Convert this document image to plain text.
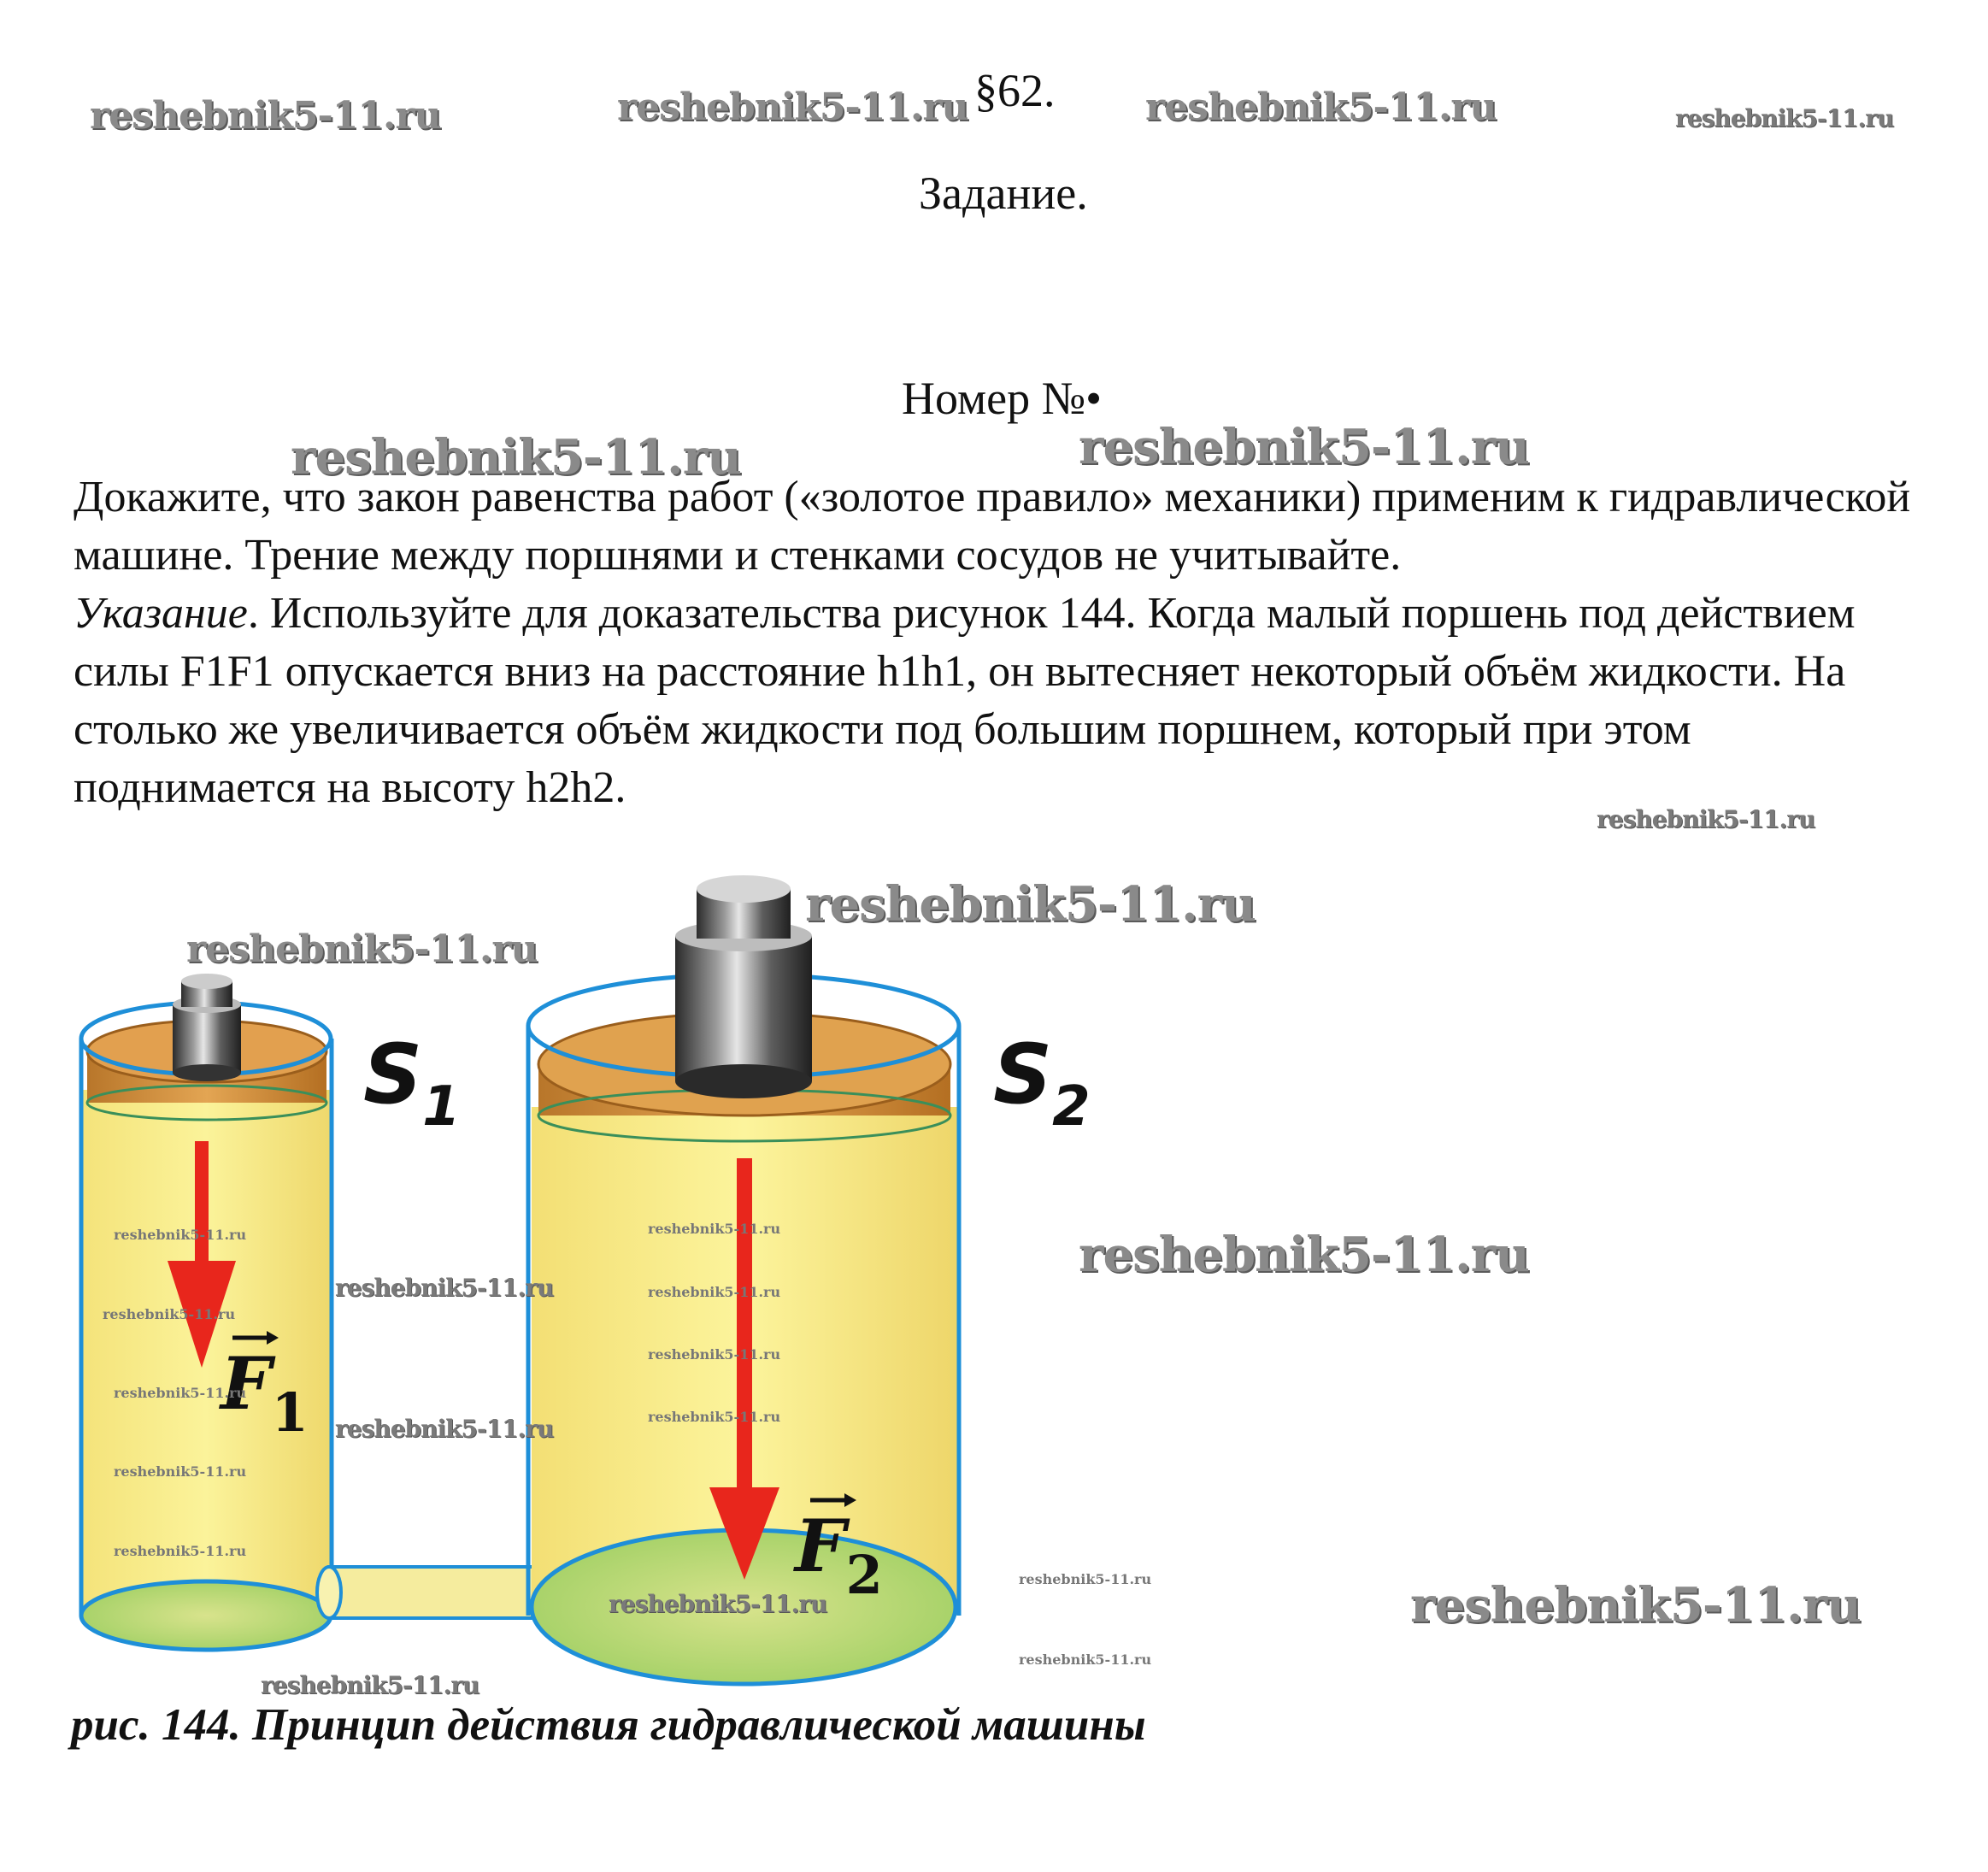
§62.
Задание.
Номер №•

Докажите, что закон равенства работ («золотое правило» механики) применим к гидравлической машине. Трение между поршнями и стенками сосудов не учитывайте.

Указание. Используйте для доказательства рисунок 144. Когда малый поршень под действием силы F1F1 опускается вниз на расстояние h1h1, он вытесняет некоторый объём жидкости. На столько же увеличивается объём жидкости под большим поршнем, который при этом поднимается на высоту h2h2.

$S_1$	$S_2$
$F_1$
$F_2$
рис. 144. Принцип действия гидравлической машины
reshebnik5-11.ru	reshebnik5-11.ru	reshebnik5-11.ru	reshebnik5-11.ru
reshebnik5-11.ru	reshebnik5-11.ru
reshebnik5-11.ru
reshebnik5-11.ru
reshebnik5-11.ru
reshebnik5-11.ru
reshebnik5-11.ru
reshebnik5-11.ru
reshebnik5-11.ru
reshebnik5-11.ru
reshebnik5-11.ru
reshebnik5-11.ru
reshebnik5-11.ru
reshebnik5-11.ru
reshebnik5-11.ru
reshebnik5-11.ru
reshebnik5-11.ru
reshebnik5-11.ru
reshebnik5-11.ru
reshebnik5-11.ru
reshebnik5-11.ru
reshebnik5-11.ru
